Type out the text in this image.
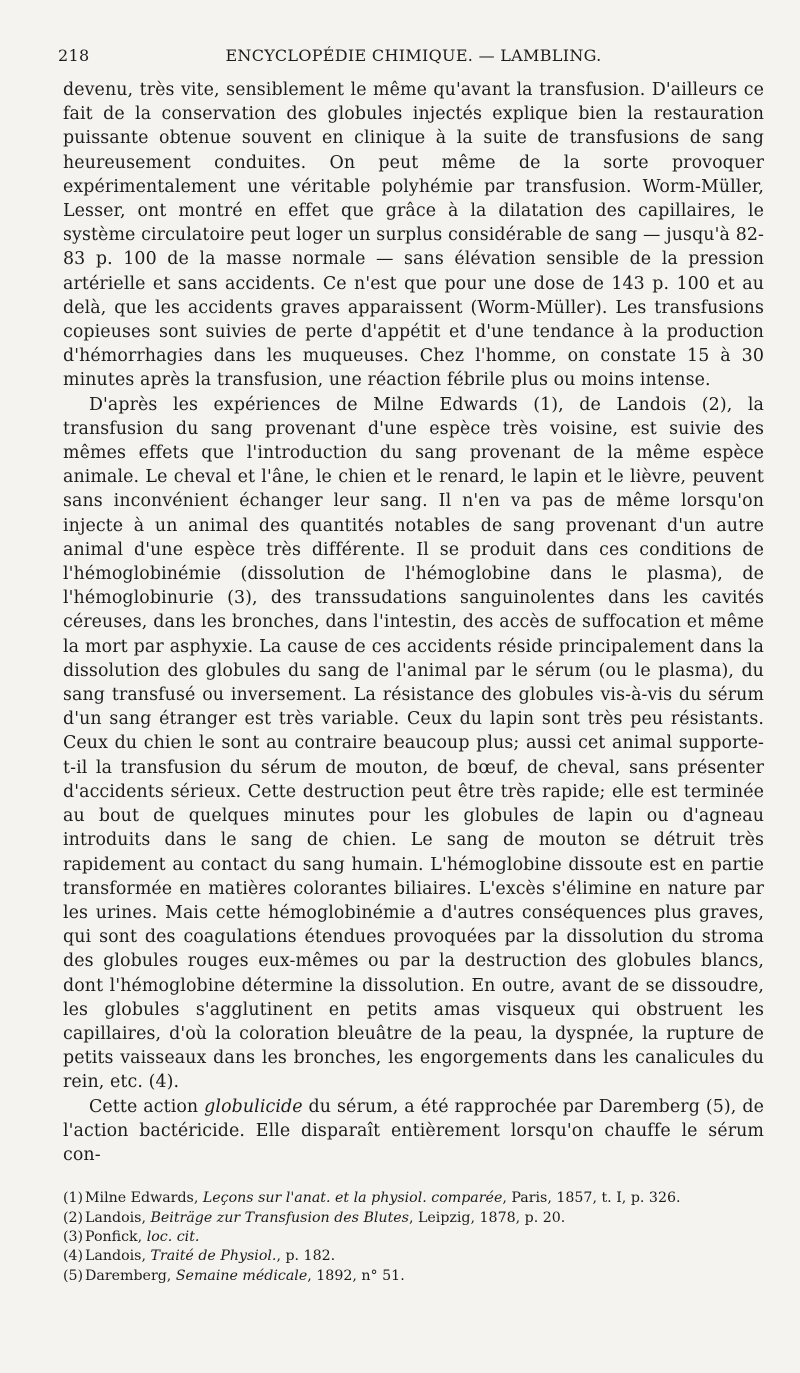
218	ENCYCLOPÉDIE CHIMIQUE. — LAMBLING.

devenu, très vite, sensiblement le même qu'avant la transfusion. D'ailleurs ce fait de la conservation des globules injectés explique bien la restauration puissante obtenue souvent en clinique à la suite de transfusions de sang heureusement conduites. On peut même de la sorte provoquer expérimentalement une véritable polyhémie par transfusion. Worm-Müller, Lesser, ont montré en effet que grâce à la dilatation des capillaires, le système circulatoire peut loger un surplus considérable de sang — jusqu'à 82-83 p. 100 de la masse normale — sans élévation sensible de la pression artérielle et sans accidents. Ce n'est que pour une dose de 143 p. 100 et au delà, que les accidents graves apparaissent (Worm-Müller). Les transfusions copieuses sont suivies de perte d'appétit et d'une tendance à la production d'hémorrhagies dans les muqueuses. Chez l'homme, on constate 15 à 30 minutes après la transfusion, une réaction fébrile plus ou moins intense.

D'après les expériences de Milne Edwards (1), de Landois (2), la transfusion du sang provenant d'une espèce très voisine, est suivie des mêmes effets que l'introduction du sang provenant de la même espèce animale. Le cheval et l'âne, le chien et le renard, le lapin et le lièvre, peuvent sans inconvénient échanger leur sang. Il n'en va pas de même lorsqu'on injecte à un animal des quantités notables de sang provenant d'un autre animal d'une espèce très différente. Il se produit dans ces conditions de l'hémoglobinémie (dissolution de l'hémoglobine dans le plasma), de l'hémoglobinurie (3), des transsudations sanguinolentes dans les cavités céreuses, dans les bronches, dans l'intestin, des accès de suffocation et même la mort par asphyxie. La cause de ces accidents réside principalement dans la dissolution des globules du sang de l'animal par le sérum (ou le plasma), du sang transfusé ou inversement. La résistance des globules vis-à-vis du sérum d'un sang étranger est très variable. Ceux du lapin sont très peu résistants. Ceux du chien le sont au contraire beaucoup plus; aussi cet animal supporte-t-il la transfusion du sérum de mouton, de bœuf, de cheval, sans présenter d'accidents sérieux. Cette destruction peut être très rapide; elle est terminée au bout de quelques minutes pour les globules de lapin ou d'agneau introduits dans le sang de chien. Le sang de mouton se détruit très rapidement au contact du sang humain. L'hémoglobine dissoute est en partie transformée en matières colorantes biliaires. L'excès s'élimine en nature par les urines. Mais cette hémoglobinémie a d'autres conséquences plus graves, qui sont des coagulations étendues provoquées par la dissolution du stroma des globules rouges eux-mêmes ou par la destruction des globules blancs, dont l'hémoglobine détermine la dissolution. En outre, avant de se dissoudre, les globules s'agglutinent en petits amas visqueux qui obstruent les capillaires, d'où la coloration bleuâtre de la peau, la dyspnée, la rupture de petits vaisseaux dans les bronches, les engorgements dans les canalicules du rein, etc. (4).

Cette action globulicide du sérum, a été rapprochée par Daremberg (5), de l'action bactéricide. Elle disparaît entièrement lorsqu'on chauffe le sérum con-

(1) Milne Edwards, Leçons sur l'anat. et la physiol. comparée, Paris, 1857, t. I, p. 326.
(2) Landois, Beiträge zur Transfusion des Blutes, Leipzig, 1878, p. 20.
(3) Ponfick, loc. cit.
(4) Landois, Traité de Physiol., p. 182.
(5) Daremberg, Semaine médicale, 1892, n° 51.
